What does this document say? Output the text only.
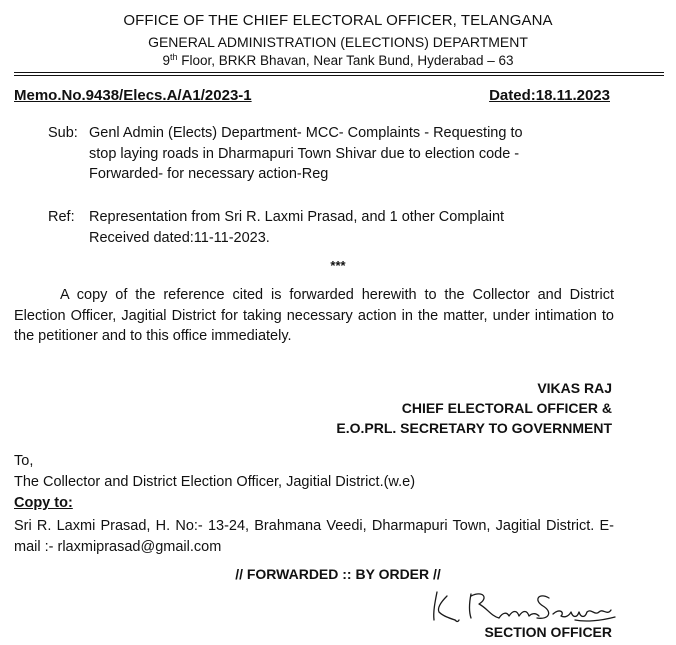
OFFICE OF THE CHIEF ELECTORAL OFFICER, TELANGANA
GENERAL ADMINISTRATION (ELECTIONS) DEPARTMENT
9th Floor, BRKR Bhavan, Near Tank Bund, Hyderabad – 63
Memo.No.9438/Elecs.A/A1/2023-1	Dated:18.11.2023
Sub: Genl Admin (Elects) Department- MCC- Complaints - Requesting to
stop laying roads in Dharmapuri Town Shivar due to election code -
Forwarded- for necessary action-Reg
Ref: Representation from Sri R. Laxmi Prasad, and 1 other Complaint
Received dated:11-11-2023.
***
A copy of the reference cited is forwarded herewith to the Collector and District Election Officer, Jagitial District for taking necessary action in the matter, under intimation to the petitioner and to this office immediately.
VIKAS RAJ
CHIEF ELECTORAL OFFICER &
E.O.PRL. SECRETARY TO GOVERNMENT
To,
The Collector and District Election Officer, Jagitial District.(w.e)
Copy to:
Sri R. Laxmi Prasad, H. No:- 13-24, Brahmana Veedi, Dharmapuri Town, Jagitial District. E-mail :- rlaxmiprasad@gmail.com
// FORWARDED :: BY ORDER //
SECTION OFFICER
